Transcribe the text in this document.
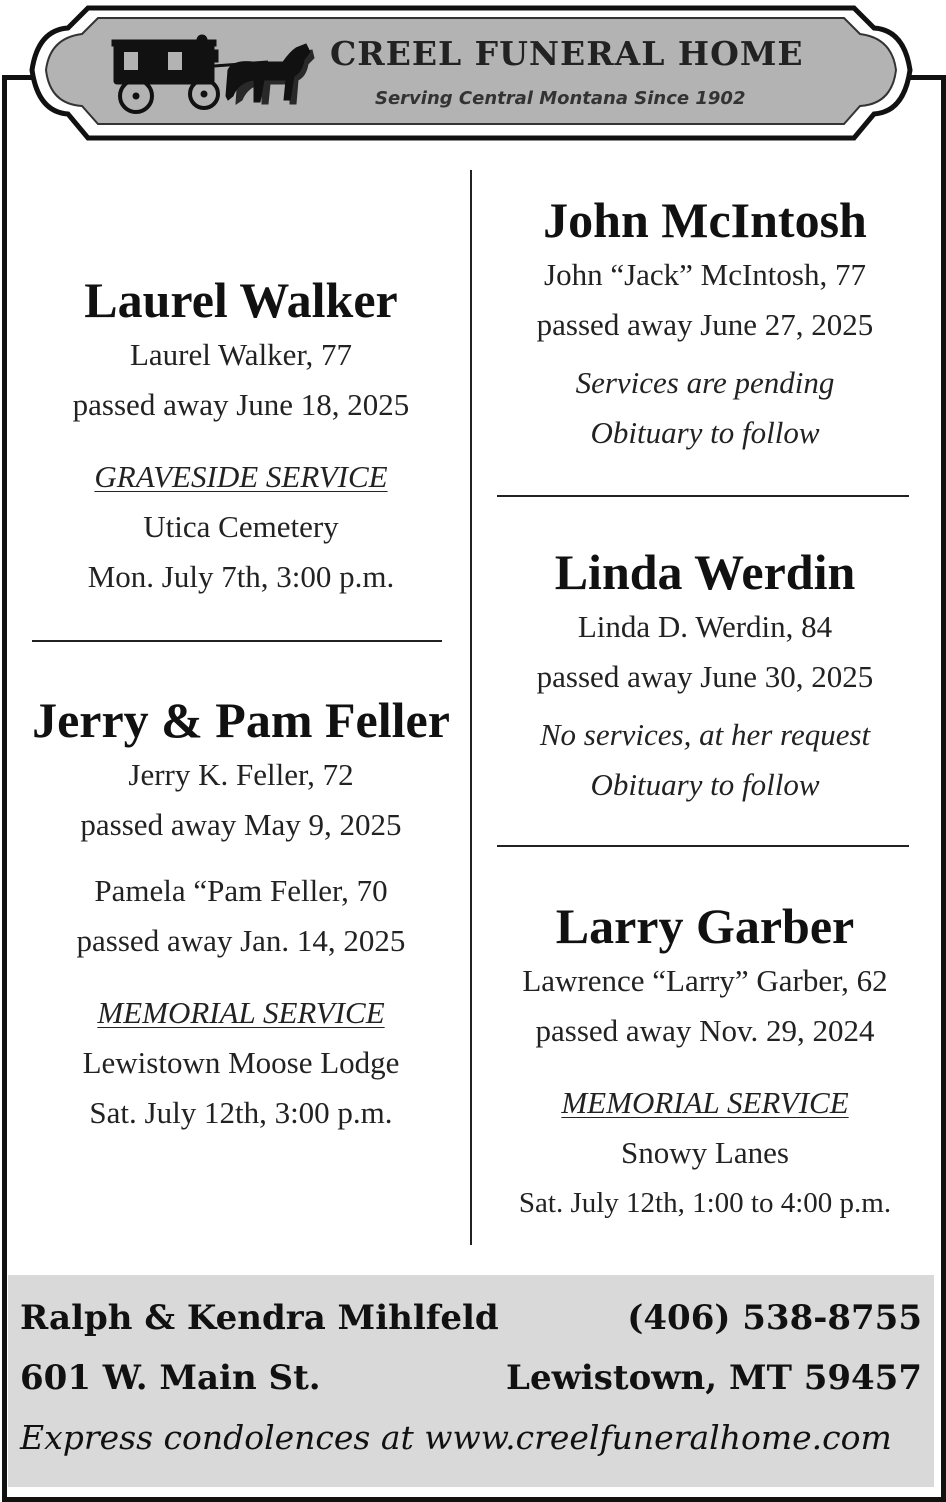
CREEL FUNERAL HOME
Serving Central Montana Since 1902
Laurel Walker
Laurel Walker, 77
passed away June 18, 2025
GRAVESIDE SERVICE
Utica Cemetery
Mon. July 7th, 3:00 p.m.
Jerry & Pam Feller
Jerry K. Feller, 72
passed away May 9, 2025
Pamela “Pam Feller, 70
passed away Jan. 14, 2025
MEMORIAL SERVICE
Lewistown Moose Lodge
Sat. July 12th, 3:00 p.m.
John McIntosh
John “Jack” McIntosh, 77
passed away June 27, 2025
Services are pending
Obituary to follow
Linda Werdin
Linda D. Werdin, 84
passed away June 30, 2025
No services, at her request
Obituary to follow
Larry Garber
Lawrence “Larry” Garber, 62
passed away Nov. 29, 2024
MEMORIAL SERVICE
Snowy Lanes
Sat. July 12th, 1:00 to 4:00 p.m.
Ralph & Kendra Mihlfeld	(406) 538-8755
601 W. Main St.	Lewistown, MT 59457
Express condolences at www.creelfuneralhome.com
